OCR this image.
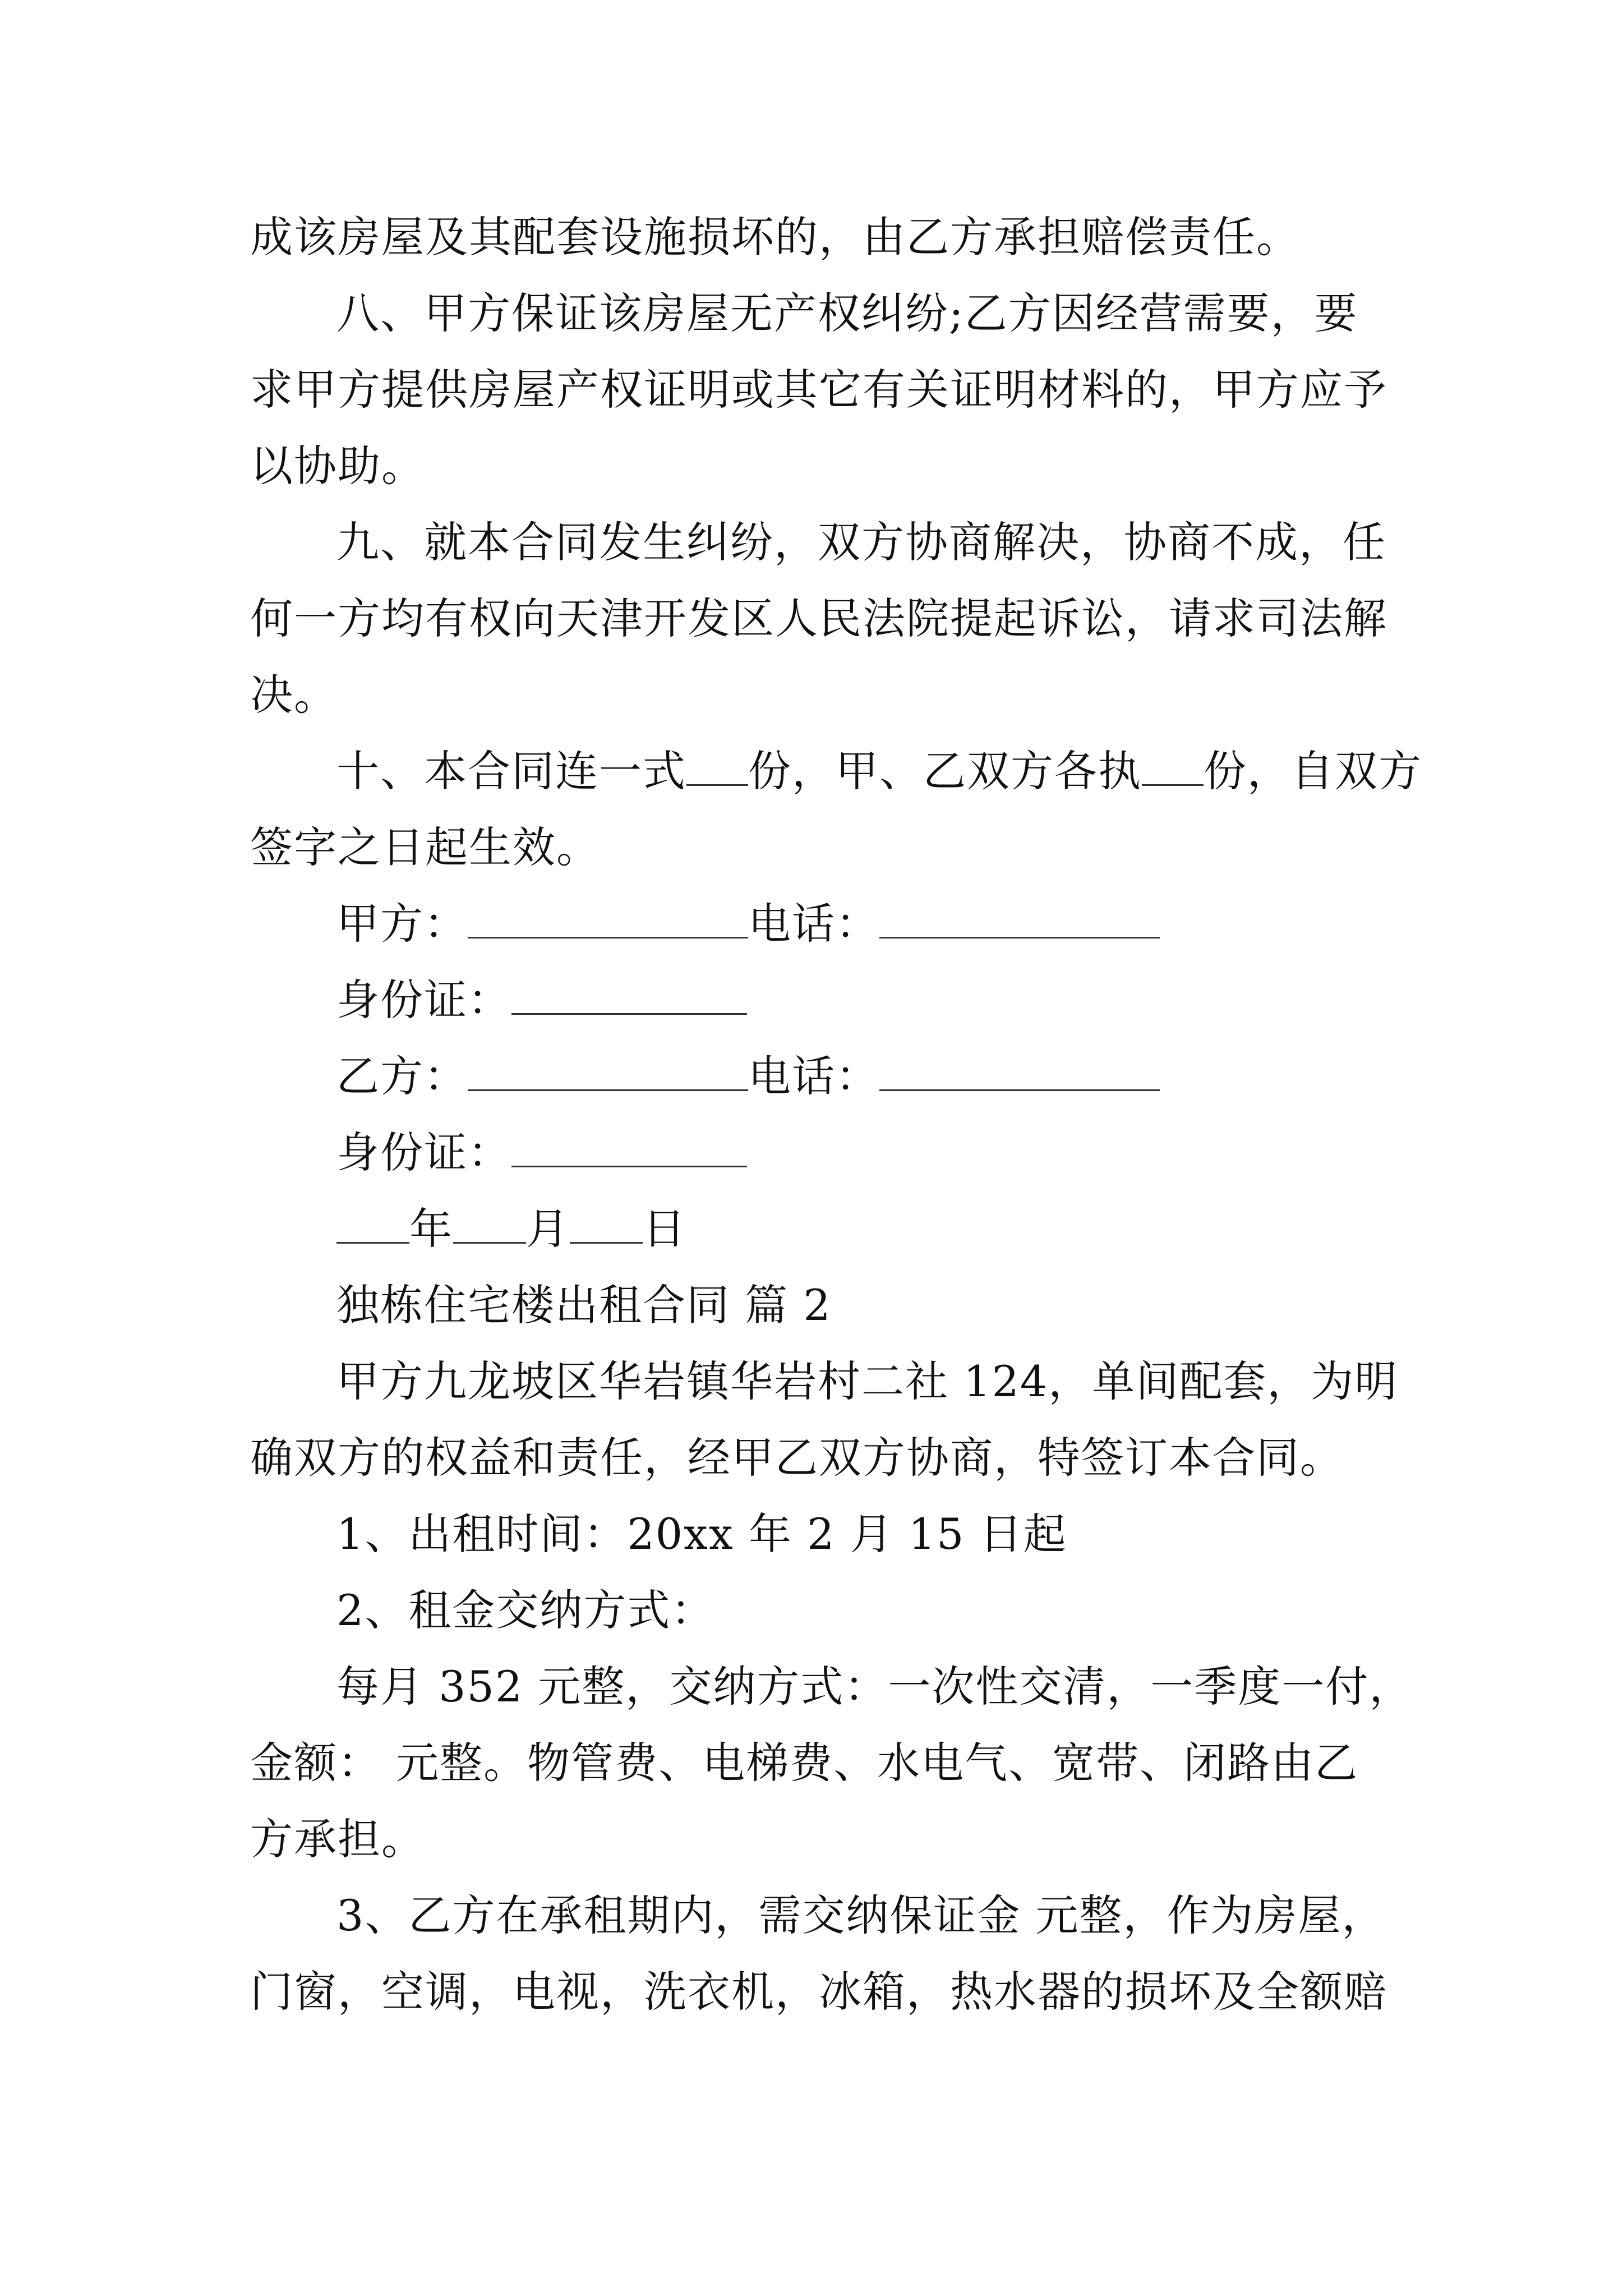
成该房屋及其配套设施损坏的，由乙方承担赔偿责任。
八、甲方保证该房屋无产权纠纷;乙方因经营需要，要
求甲方提供房屋产权证明或其它有关证明材料的，甲方应予
以协助。
九、就本合同发生纠纷，双方协商解决，协商不成，任
何一方均有权向天津开发区人民法院提起诉讼，请求司法解
决。
十、本合同连一式 份，甲、乙双方各执 份，自双方
签字之日起生效。
甲方：	电话：
身份证：
乙方：	电话：
身份证：
年 月 日
独栋住宅楼出租合同 篇 2
甲方九龙坡区华岩镇华岩村二社 124，单间配套，为明
确双方的权益和责任，经甲乙双方协商，特签订本合同。
1、出租时间：20xx 年 2 月 15 日起
2、租金交纳方式：
每月 352 元整，交纳方式：一次性交清，一季度一付，
金额： 元整。物管费、电梯费、水电气、宽带、闭路由乙
方承担。
3、乙方在承租期内，需交纳保证金 元整，作为房屋，
门窗，空调，电视，洗衣机，冰箱，热水器的损坏及全额赔
